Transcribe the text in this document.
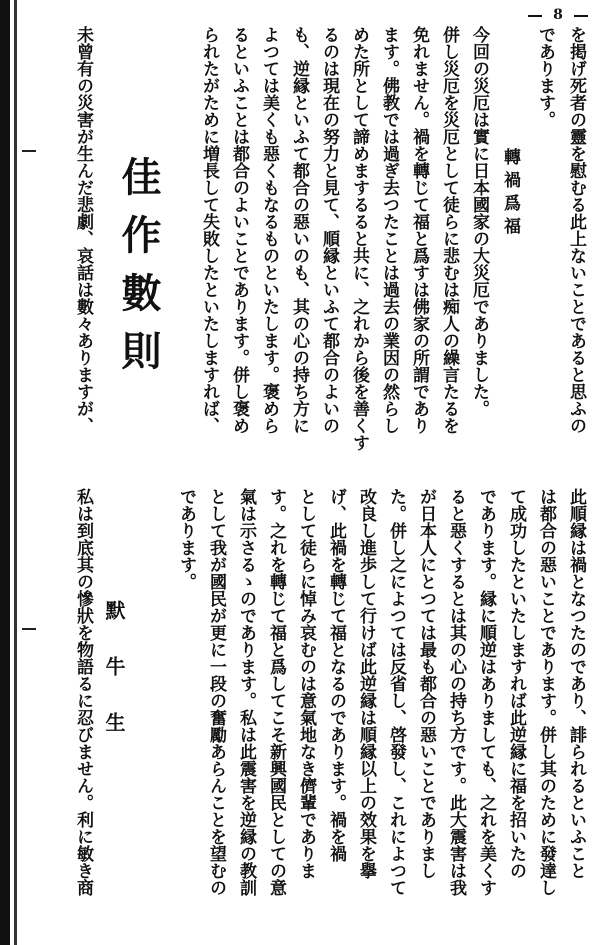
8
を掲げ死者の靈を慰むる此上ないことであると思ふの
であります。
轉禍爲福
今回の災厄は實に日本國家の大災厄でありました。
併し災厄を災厄として徒らに悲むは痴人の繰言たるを
免れません。禍を轉じて福と爲すは佛家の所謂であり
ます。佛教では過ぎ去つたことは過去の業因の然らし
めた所として諦めまするると共に、之れから後を善くす
るのは現在の努力と見て、順縁といふて都合のよいの
も、逆縁といふて都合の惡いのも、其の心の持ち方に
よつては美くも惡くもなるものといたします。褒めら
るといふことは都合のよいことであります。併し褒め
られたがために増長して失敗したといたしますれば、
佳作數則
默牛生
私は到底其の慘狀を物語るに忍びません。利に敏き商
未曾有の災害が生んだ悲劇、哀話は數々ありますが、
此順縁は禍となつたのであり、誹られるといふこと
は都合の惡いことであります。併し其のために發達し
て成功したといたしますれば此逆縁に福を招いたの
であります。縁に順逆はありましても、之れを美くす
ると惡くするとは其の心の持ち方です。此大震害は我
が日本人にとつては最も都合の惡いことでありまし
た。併し之によつては反省し、啓發し、これによつて
改良し進歩して行けば此逆縁は順縁以上の效果を擧
げ、此禍を轉じて福となるのであります。禍を禍
として徒らに悼み哀むのは意氣地なき儕輩でありま
す。之れを轉じて福と爲してこそ新興國民としての意
氣は示さるゝのであります。私は此震害を逆縁の教訓
として我が國民が更に一段の奮勵あらんことを望むの
であります。
